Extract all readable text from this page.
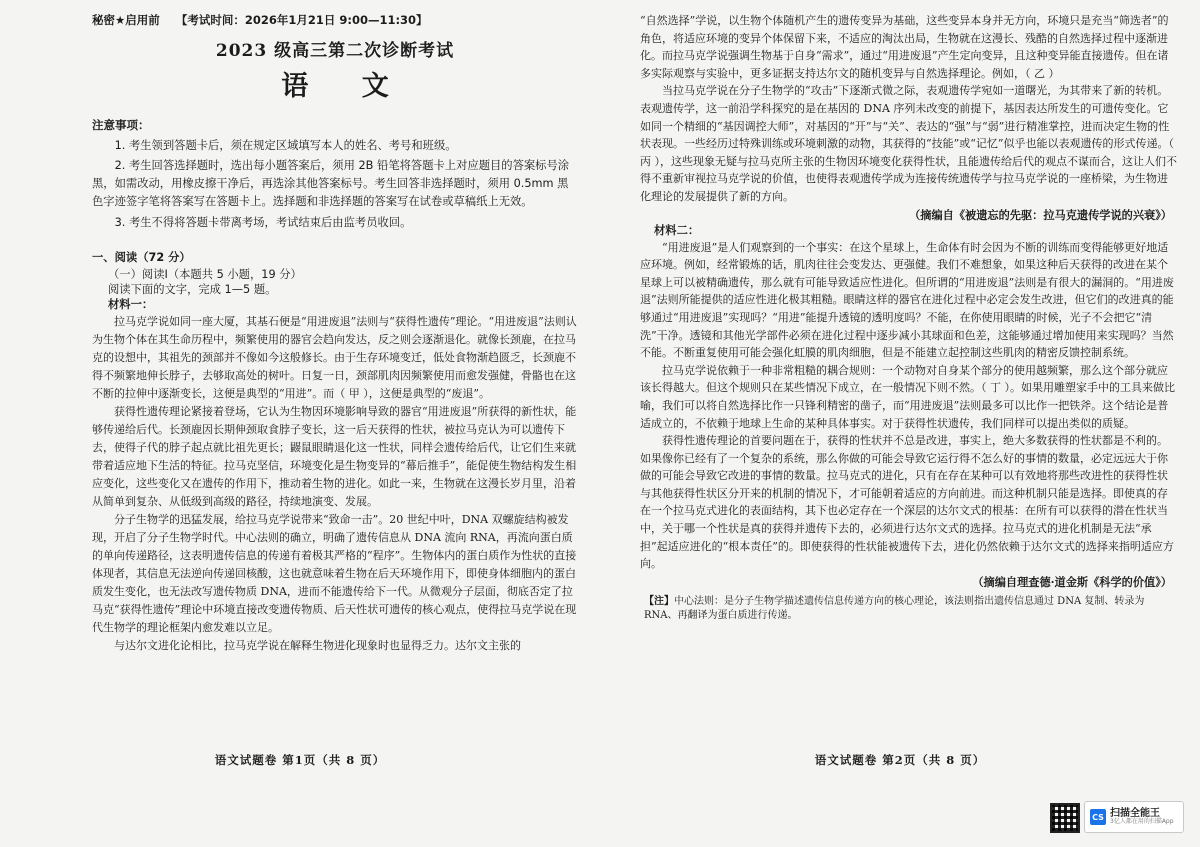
秘密★启用前 【考试时间：2026年1月21日 9:00—11:30】
2023 级高三第二次诊断考试
语 文
注意事项：

1. 考生领到答题卡后，须在规定区域填写本人的姓名、考号和班级。

2. 考生回答选择题时，选出每小题答案后，须用 2B 铅笔将答题卡上对应题目的答案标号涂黑，如需改动，用橡皮擦干净后，再选涂其他答案标号。考生回答非选择题时，须用 0.5mm 黑色字迹签字笔将答案写在答题卡上。选择题和非选择题的答案写在试卷或草稿纸上无效。

3. 考生不得将答题卡带离考场，考试结束后由监考员收回。

一、阅读（72 分）
（一）阅读Ⅰ（本题共 5 小题，19 分）
阅读下面的文字，完成 1—5 题。
材料一：

拉马克学说如同一座大厦，其基石便是“用进废退”法则与“获得性遗传”理论。“用进废退”法则认为生物个体在其生命历程中，频繁使用的器官会趋向发达，反之则会逐渐退化。就像长颈鹿，在拉马克的设想中，其祖先的颈部并不像如今这般修长。由于生存环境变迁，低处食物渐趋匮乏，长颈鹿不得不频繁地伸长脖子，去够取高处的树叶。日复一日，颈部肌肉因频繁使用而愈发强健，骨骼也在这不断的拉伸中逐渐变长，这便是典型的“用进”。而（ 甲 ），这便是典型的“废退”。

获得性遗传理论紧接着登场，它认为生物因环境影响导致的器官“用进废退”所获得的新性状，能够传递给后代。长颈鹿因长期伸颈取食脖子变长，这一后天获得的性状，被拉马克认为可以遗传下去，使得子代的脖子起点就比祖先更长；鼹鼠眼睛退化这一性状，同样会遗传给后代，让它们生来就带着适应地下生活的特征。拉马克坚信，环境变化是生物变异的“幕后推手”，能促使生物结构发生相应变化，这些变化又在遗传的作用下，推动着生物的进化。如此一来，生物就在这漫长岁月里，沿着从简单到复杂、从低级到高级的路径，持续地演变、发展。

分子生物学的迅猛发展，给拉马克学说带来“致命一击”。20 世纪中叶，DNA 双螺旋结构被发现，开启了分子生物学时代。中心法则的确立，明确了遗传信息从 DNA 流向 RNA，再流向蛋白质的单向传递路径，这表明遗传信息的传递有着极其严格的“程序”。生物体内的蛋白质作为性状的直接体现者，其信息无法逆向传递回核酸，这也就意味着生物在后天环境作用下，即使身体细胞内的蛋白质发生变化，也无法改写遗传物质 DNA，进而不能遗传给下一代。从微观分子层面，彻底否定了拉马克“获得性遗传”理论中环境直接改变遗传物质、后天性状可遗传的核心观点，使得拉马克学说在现代生物学的理论框架内愈发难以立足。

与达尔文进化论相比，拉马克学说在解释生物进化现象时也显得乏力。达尔文主张的

语文试题卷 第1页（共 8 页）

“自然选择”学说，以生物个体随机产生的遗传变异为基础，这些变异本身并无方向，环境只是充当“筛选者”的角色，将适应环境的变异个体保留下来，不适应的淘汰出局，生物就在这漫长、残酷的自然选择过程中逐渐进化。而拉马克学说强调生物基于自身“需求”，通过“用进废退”产生定向变异，且这种变异能直接遗传。但在诸多实际观察与实验中，更多证据支持达尔文的随机变异与自然选择理论。例如，（ 乙 ）

当拉马克学说在分子生物学的“攻击”下逐渐式微之际，表观遗传学宛如一道曙光，为其带来了新的转机。表观遗传学，这一前沿学科探究的是在基因的 DNA 序列未改变的前提下，基因表达所发生的可遗传变化。它如同一个精细的“基因调控大师”，对基因的“开”与“关”、表达的“强”与“弱”进行精准掌控，进而决定生物的性状表现。一些经历过特殊训练或环境刺激的动物，其获得的“技能”或“记忆”似乎也能以表观遗传的形式传递。（ 丙 ），这些现象无疑与拉马克所主张的生物因环境变化获得性状，且能遗传给后代的观点不谋而合，这让人们不得不重新审视拉马克学说的价值，也使得表观遗传学成为连接传统遗传学与拉马克学说的一座桥梁，为生物进化理论的发展提供了新的方向。

（摘编自《被遗忘的先驱：拉马克遗传学说的兴衰》）
材料二：

“用进废退”是人们观察到的一个事实：在这个星球上，生命体有时会因为不断的训练而变得能够更好地适应环境。例如，经常锻炼的话，肌肉往往会变发达、更强健。我们不难想象，如果这种后天获得的改进在某个星球上可以被精确遗传，那么就有可能导致适应性进化。但所谓的“用进废退”法则是有很大的漏洞的。“用进废退”法则所能提供的适应性进化极其粗糙。眼睛这样的器官在进化过程中必定会发生改进，但它们的改进真的能够通过“用进废退”实现吗？“用进”能提升透镜的透明度吗？不能，在你使用眼睛的时候，光子不会把它“清洗”干净。透镜和其他光学部件必须在进化过程中逐步减小其球面和色差，这能够通过增加使用来实现吗？当然不能。不断重复使用可能会强化虹膜的肌肉细胞，但是不能建立起控制这些肌肉的精密反馈控制系统。

拉马克学说依赖于一种非常粗糙的耦合规则：一个动物对自身某个部分的使用越频繁，那么这个部分就应该长得越大。但这个规则只在某些情况下成立，在一般情况下则不然。（ 丁 ）。如果用雕塑家手中的工具来做比喻，我们可以将自然选择比作一只锋利精密的凿子，而“用进废退”法则最多可以比作一把铁斧。这个结论是普适成立的，不依赖于地球上生命的某种具体事实。对于获得性状遗传，我们同样可以提出类似的质疑。

获得性遗传理论的首要问题在于，获得的性状并不总是改进，事实上，绝大多数获得的性状都是不利的。如果像你已经有了一个复杂的系统，那么你做的可能会导致它运行得不怎么好的事情的数量，必定远远大于你做的可能会导致它改进的事情的数量。拉马克式的进化，只有在存在某种可以有效地将那些改进性的获得性状与其他获得性状区分开来的机制的情况下，才可能朝着适应的方向前进。而这种机制只能是选择。即使真的存在一个拉马克式进化的表面结构，其下也必定存在一个深层的达尔文式的根基：在所有可以获得的潜在性状当中，关于哪一个性状是真的获得并遗传下去的，必须进行达尔文式的选择。拉马克式的进化机制是无法“承担”起适应进化的“根本责任”的。即使获得的性状能被遗传下去，进化仍然依赖于达尔文式的选择来指明适应方向。

（摘编自理查德·道金斯《科学的价值》）
【注】中心法则：是分子生物学描述遗传信息传递方向的核心理论，该法则指出遗传信息通过 DNA 复制、转录为 RNA、再翻译为蛋白质进行传递。
语文试题卷 第2页（共 8 页）
CS 扫描全能王
3亿人都在用的扫描App
